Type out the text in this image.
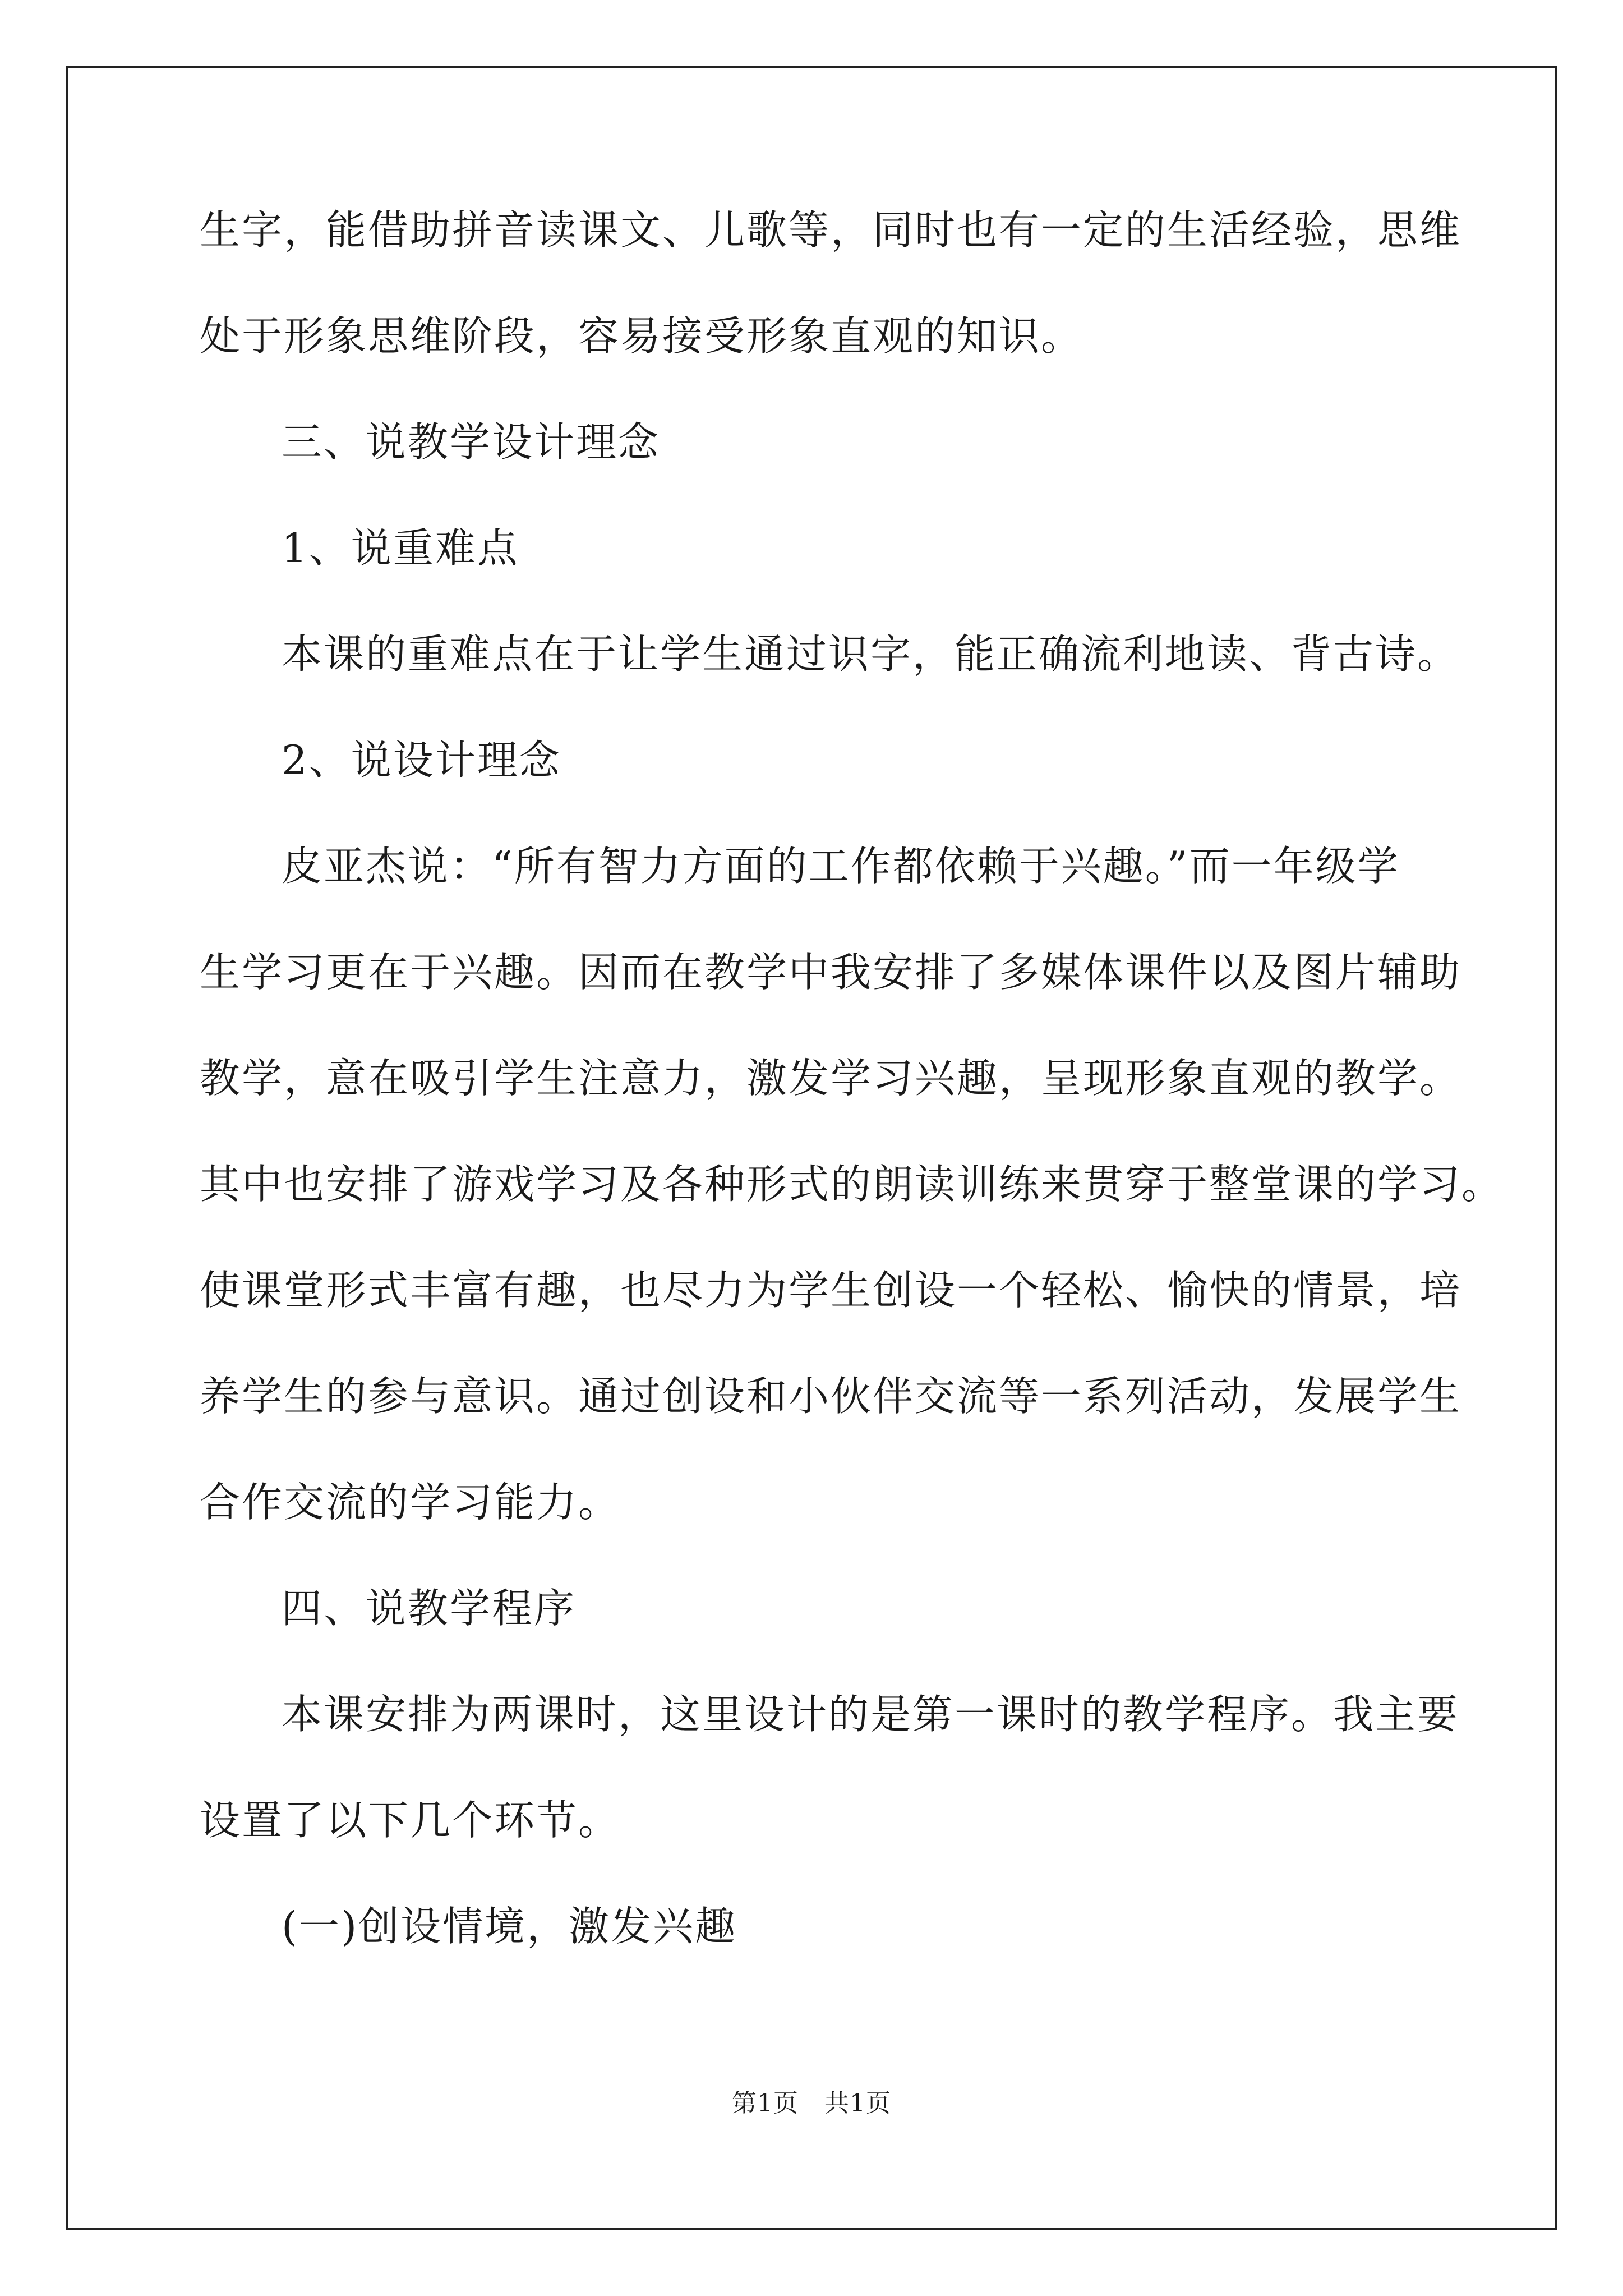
生字，能借助拼音读课文、儿歌等，同时也有一定的生活经验，思维
处于形象思维阶段，容易接受形象直观的知识。
三、说教学设计理念
1、说重难点
本课的重难点在于让学生通过识字，能正确流利地读、背古诗。
2、说设计理念
皮亚杰说：“所有智力方面的工作都依赖于兴趣。”而一年级学
生学习更在于兴趣。因而在教学中我安排了多媒体课件以及图片辅助
教学，意在吸引学生注意力，激发学习兴趣，呈现形象直观的教学。
其中也安排了游戏学习及各种形式的朗读训练来贯穿于整堂课的学习。
使课堂形式丰富有趣，也尽力为学生创设一个轻松、愉快的情景，培
养学生的参与意识。通过创设和小伙伴交流等一系列活动，发展学生
合作交流的学习能力。
四、说教学程序
本课安排为两课时，这里设计的是第一课时的教学程序。我主要
设置了以下几个环节。
(一)创设情境，激发兴趣
第1页 共1页
